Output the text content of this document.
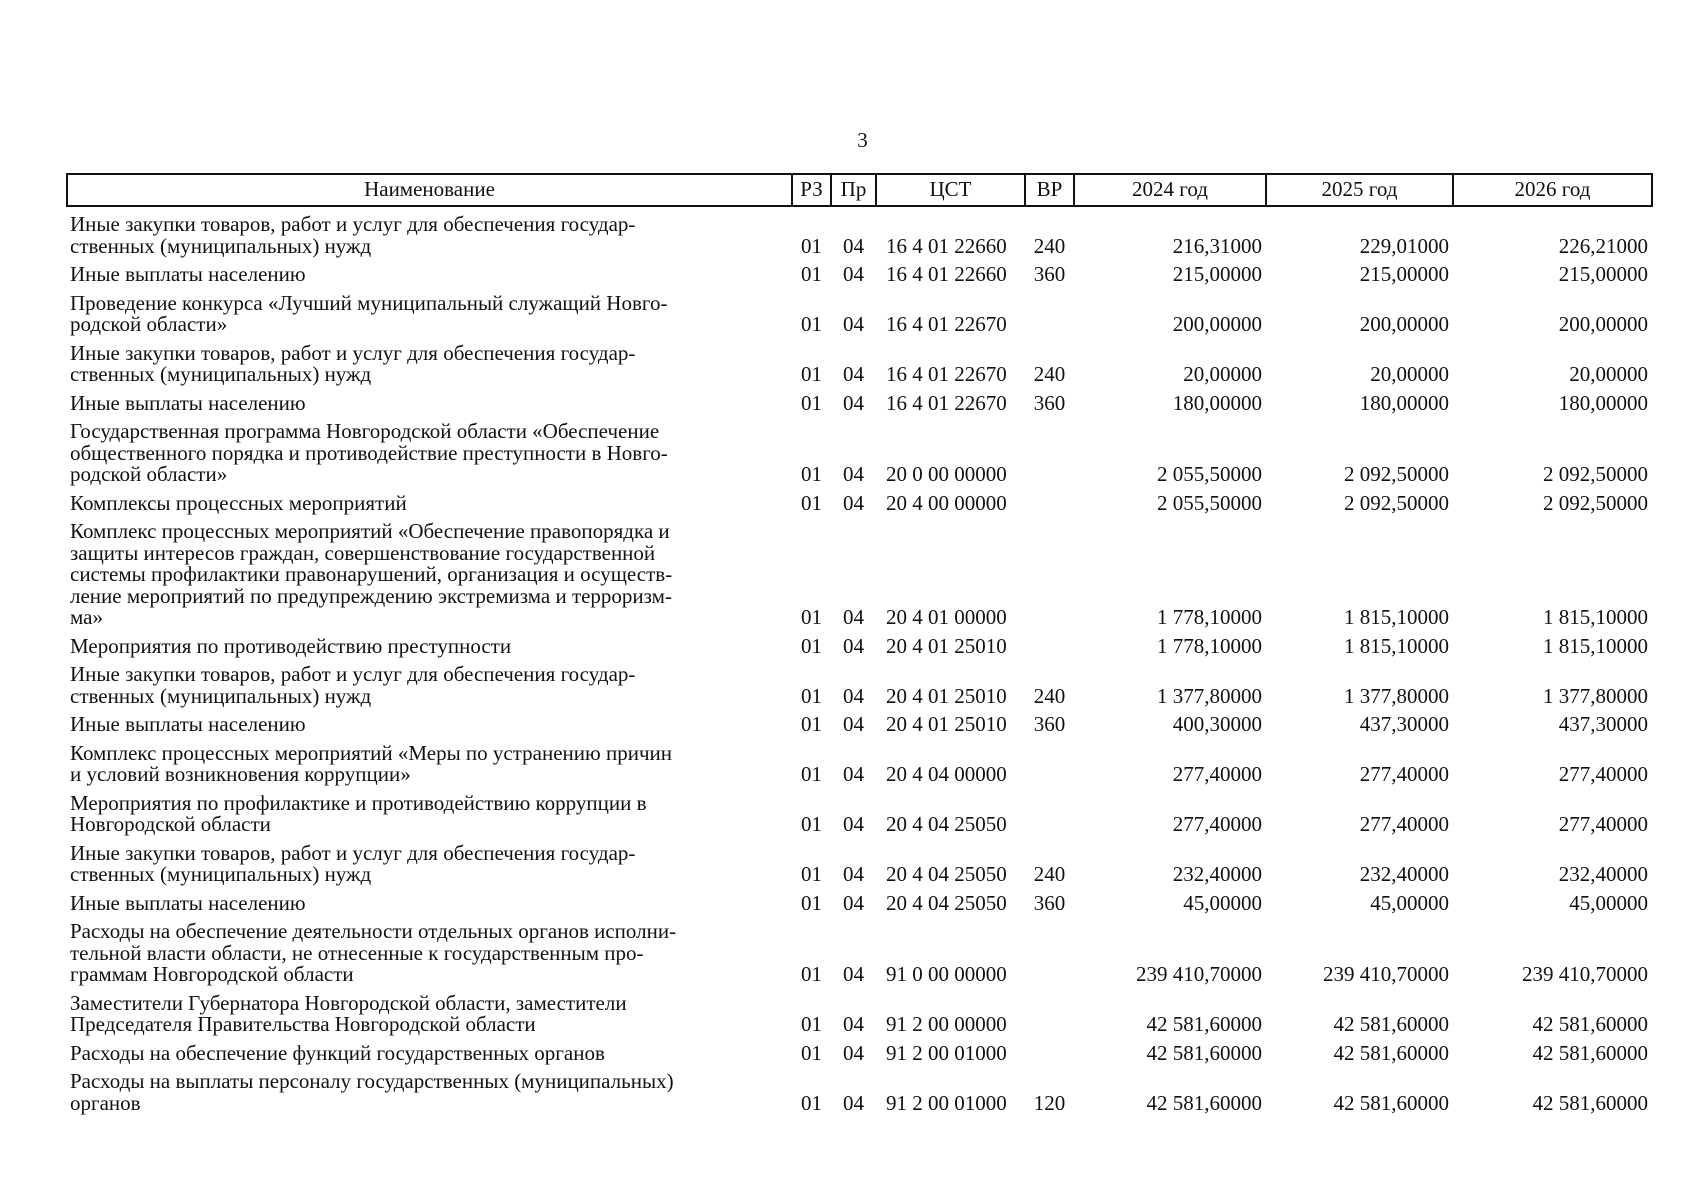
3
Наименование	РЗ	Пр	ЦСТ	ВР	2024 год	2025 год	2026 год

Иные закупки товаров, работ и услуг для обеспечения государ-
ственных (муниципальных) нужд	01	04	16 4 01 22660	240	216,31000	229,01000	226,21000

Иные выплаты населению	01	04	16 4 01 22660	360	215,00000	215,00000	215,00000

Проведение конкурса «Лучший муниципальный служащий Новго-
родской области»	01	04	16 4 01 22670		200,00000	200,00000	200,00000

Иные закупки товаров, работ и услуг для обеспечения государ-
ственных (муниципальных) нужд	01	04	16 4 01 22670	240	20,00000	20,00000	20,00000

Иные выплаты населению	01	04	16 4 01 22670	360	180,00000	180,00000	180,00000

Государственная программа Новгородской области «Обеспечение
общественного порядка и противодействие преступности в Новго-
родской области»	01	04	20 0 00 00000		2 055,50000	2 092,50000	2 092,50000

Комплексы процессных мероприятий	01	04	20 4 00 00000		2 055,50000	2 092,50000	2 092,50000

Комплекс процессных мероприятий «Обеспечение правопорядка и
защиты интересов граждан, совершенствование государственной
системы профилактики правонарушений, организация и осуществ-
ление мероприятий по предупреждению экстремизма и терроризм-
ма»	01	04	20 4 01 00000		1 778,10000	1 815,10000	1 815,10000

Мероприятия по противодействию преступности	01	04	20 4 01 25010		1 778,10000	1 815,10000	1 815,10000

Иные закупки товаров, работ и услуг для обеспечения государ-
ственных (муниципальных) нужд	01	04	20 4 01 25010	240	1 377,80000	1 377,80000	1 377,80000

Иные выплаты населению	01	04	20 4 01 25010	360	400,30000	437,30000	437,30000

Комплекс процессных мероприятий «Меры по устранению причин
и условий возникновения коррупции»	01	04	20 4 04 00000		277,40000	277,40000	277,40000

Мероприятия по профилактике и противодействию коррупции в
Новгородской области	01	04	20 4 04 25050		277,40000	277,40000	277,40000

Иные закупки товаров, работ и услуг для обеспечения государ-
ственных (муниципальных) нужд	01	04	20 4 04 25050	240	232,40000	232,40000	232,40000

Иные выплаты населению	01	04	20 4 04 25050	360	45,00000	45,00000	45,00000

Расходы на обеспечение деятельности отдельных органов исполни-
тельной власти области, не отнесенные к государственным про-
граммам Новгородской области	01	04	91 0 00 00000		239 410,70000	239 410,70000	239 410,70000

Заместители Губернатора Новгородской области, заместители
Председателя Правительства Новгородской области	01	04	91 2 00 00000		42 581,60000	42 581,60000	42 581,60000

Расходы на обеспечение функций государственных органов	01	04	91 2 00 01000		42 581,60000	42 581,60000	42 581,60000

Расходы на выплаты персоналу государственных (муниципальных)
органов	01	04	91 2 00 01000	120	42 581,60000	42 581,60000	42 581,60000
